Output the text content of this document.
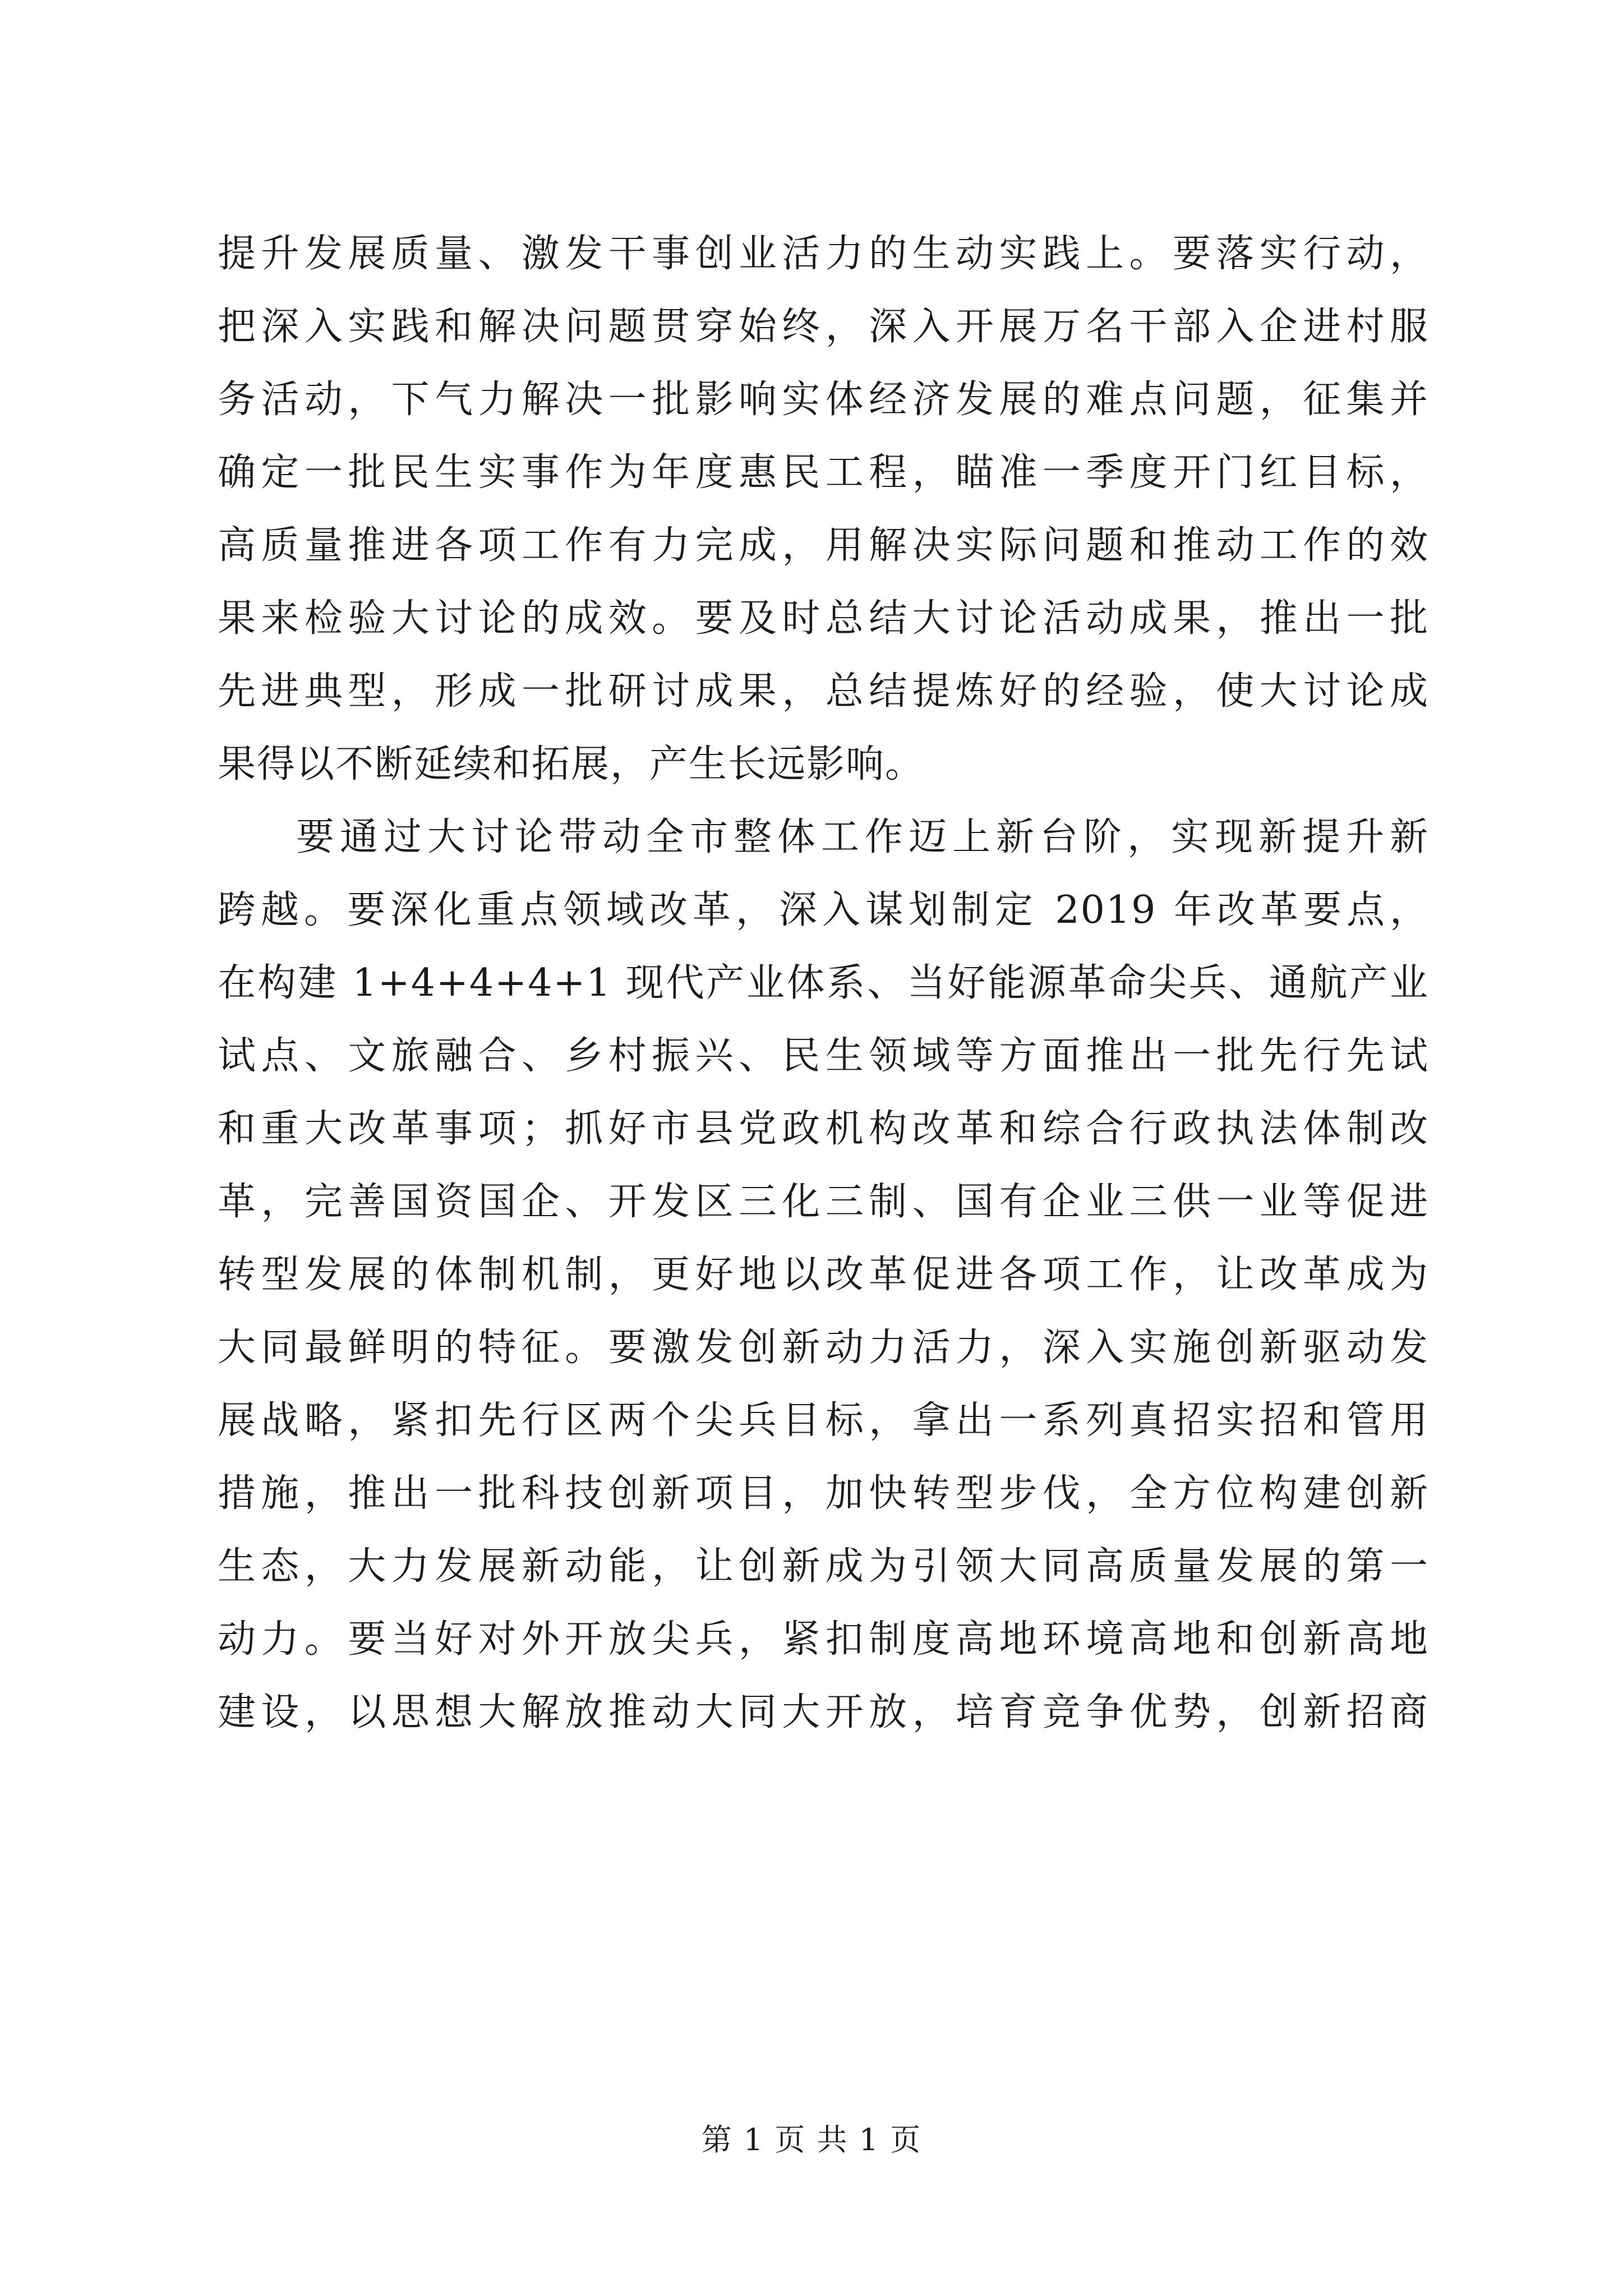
提升发展质量、激发干事创业活力的生动实践上。要落实行动，
把深入实践和解决问题贯穿始终，深入开展万名干部入企进村服
务活动，下气力解决一批影响实体经济发展的难点问题，征集并
确定一批民生实事作为年度惠民工程，瞄准一季度开门红目标，
高质量推进各项工作有力完成，用解决实际问题和推动工作的效
果来检验大讨论的成效。要及时总结大讨论活动成果，推出一批
先进典型，形成一批研讨成果，总结提炼好的经验，使大讨论成
果得以不断延续和拓展，产生长远影响。
要通过大讨论带动全市整体工作迈上新台阶，实现新提升新
跨越。要深化重点领域改革，深入谋划制定 2019 年改革要点，
在构建 1+4+4+4+1 现代产业体系、当好能源革命尖兵、通航产业
试点、文旅融合、乡村振兴、民生领域等方面推出一批先行先试
和重大改革事项；抓好市县党政机构改革和综合行政执法体制改
革，完善国资国企、开发区三化三制、国有企业三供一业等促进
转型发展的体制机制，更好地以改革促进各项工作，让改革成为
大同最鲜明的特征。要激发创新动力活力，深入实施创新驱动发
展战略，紧扣先行区两个尖兵目标，拿出一系列真招实招和管用
措施，推出一批科技创新项目，加快转型步伐，全方位构建创新
生态，大力发展新动能，让创新成为引领大同高质量发展的第一
动力。要当好对外开放尖兵，紧扣制度高地环境高地和创新高地
建设，以思想大解放推动大同大开放，培育竞争优势，创新招商
第 1 页 共 1 页
